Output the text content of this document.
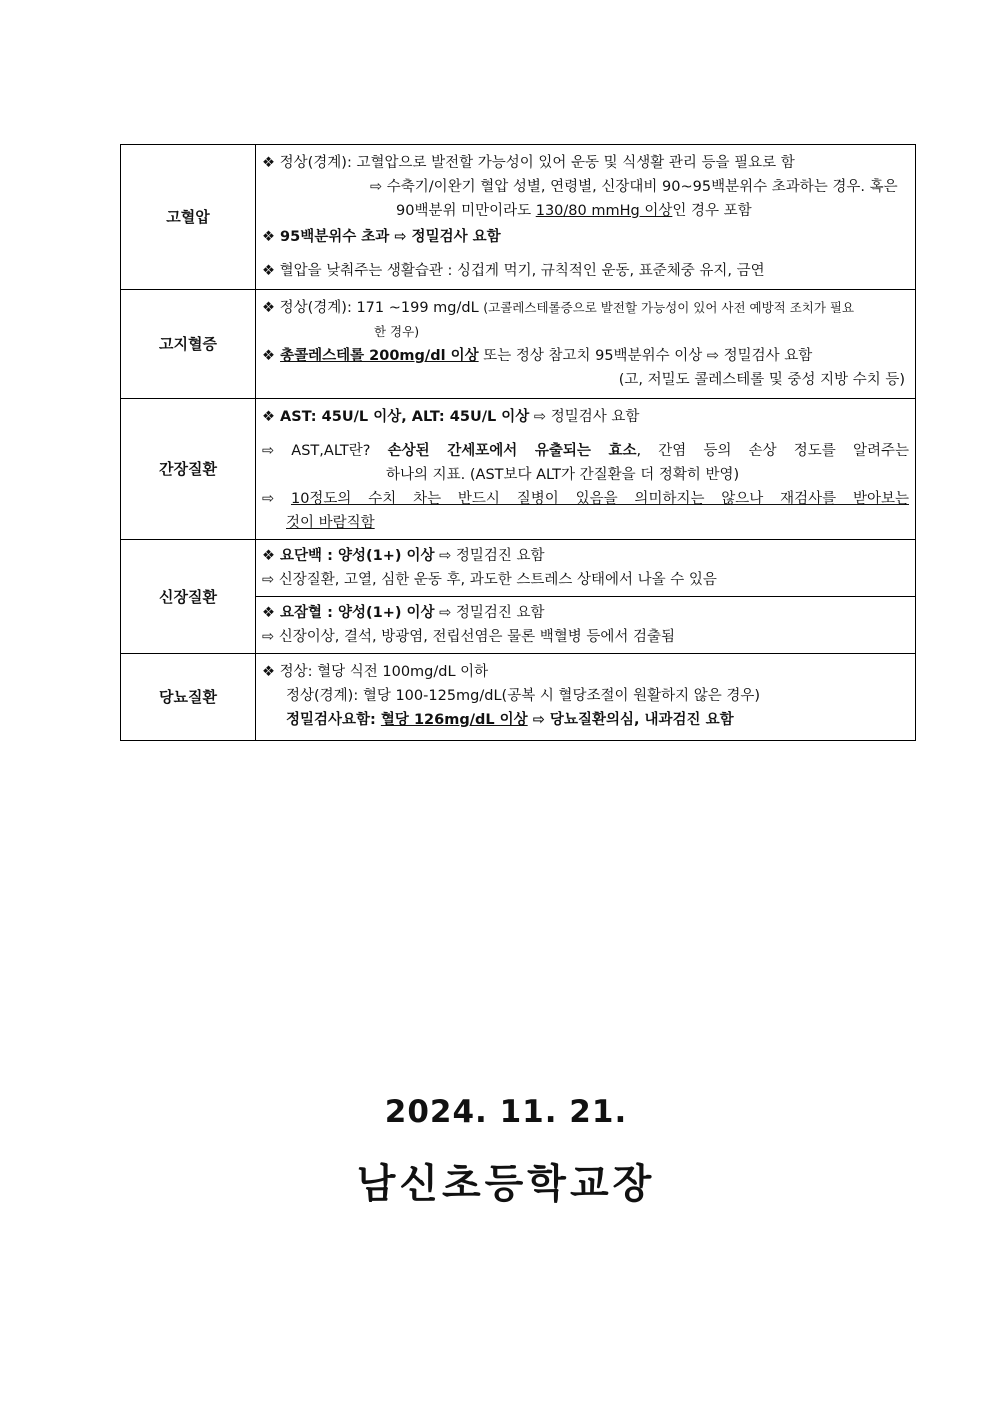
고혈압	❖ 정상(경계): 고혈압으로 발전할 가능성이 있어 운동 및 식생활 관리 등을 필요로 함
⇨ 수축기/이완기 혈압 성별, 연령별, 신장대비 90~95백분위수 초과하는 경우. 혹은
90백분위 미만이라도 130/80 mmHg 이상인 경우 포함
❖ 95백분위수 초과 ⇨ 정밀검사 요함
❖ 혈압을 낮춰주는 생활습관 : 싱겁게 먹기, 규칙적인 운동, 표준체중 유지, 금연

고지혈증	❖ 정상(경계): 171 ~199 mg/dL (고콜레스테롤증으로 발전할 가능성이 있어 사전 예방적 조치가 필요
한 경우)
❖ 총콜레스테롤 200mg/dl 이상 또는 정상 참고치 95백분위수 이상 ⇨ 정밀검사 요함
(고, 저밀도 콜레스테롤 및 중성 지방 수치 등)

간장질환	❖ AST: 45U/L 이상, ALT: 45U/L 이상 ⇨ 정밀검사 요함
⇨ AST,ALT란? 손상된 간세포에서 유출되는 효소, 간염 등의 손상 정도를 알려주는
하나의 지표. (AST보다 ALT가 간질환을 더 정확히 반영)
⇨ 10정도의 수치 차는 반드시 질병이 있음을 의미하지는 않으나 재검사를 받아보는
것이 바람직함

신장질환	❖ 요단백 : 양성(1+) 이상 ⇨ 정밀검진 요함
⇨ 신장질환, 고열, 심한 운동 후, 과도한 스트레스 상태에서 나올 수 있음
❖ 요잠혈 : 양성(1+) 이상 ⇨ 정밀검진 요함
⇨ 신장이상, 결석, 방광염, 전립선염은 물론 백혈병 등에서 검출됨

당뇨질환	❖ 정상: 혈당 식전 100mg/dL 이하
정상(경계): 혈당 100-125mg/dL(공복 시 혈당조절이 원활하지 않은 경우)
정밀검사요함: 혈당 126mg/dL 이상 ⇨ 당뇨질환의심, 내과검진 요함
2024. 11. 21.
남신초등학교장
